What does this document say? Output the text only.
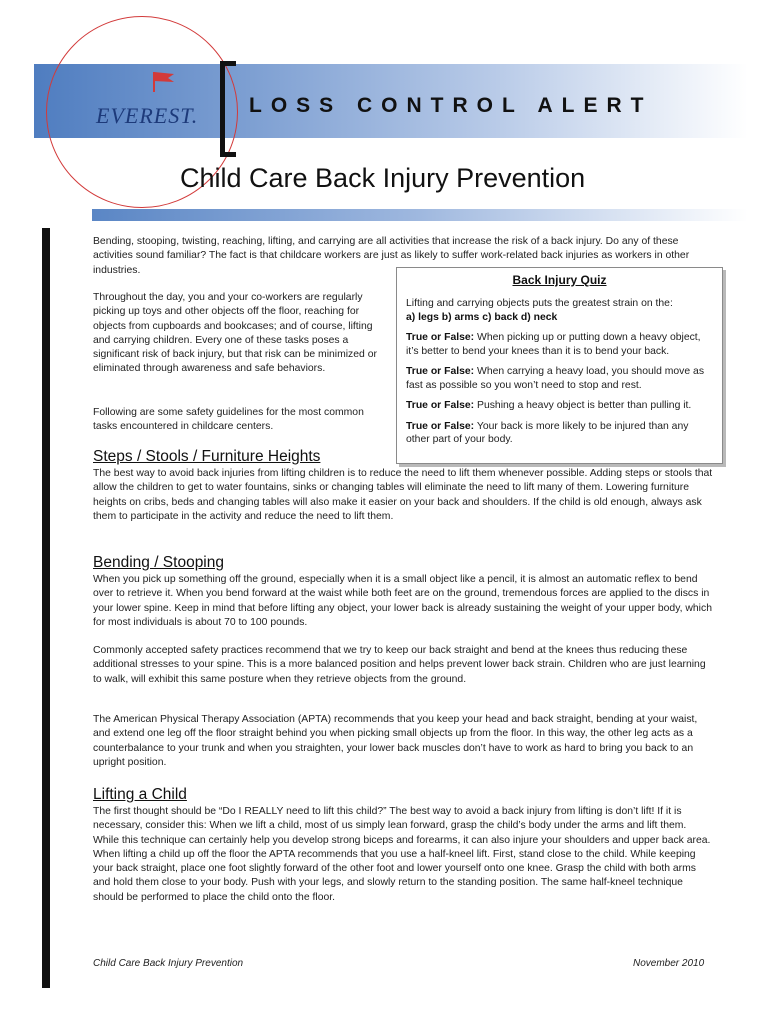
EVEREST. LOSS CONTROL ALERT
Child Care Back Injury Prevention
Bending, stooping, twisting, reaching, lifting, and carrying are all activities that increase the risk of a back injury. Do any of these activities sound familiar? The fact is that childcare workers are just as likely to suffer work-related back injuries as workers in other industries.
Throughout the day, you and your co-workers are regularly picking up toys and other objects off the floor, reaching for objects from cupboards and bookcases; and of course, lifting and carrying children. Every one of these tasks poses a significant risk of back injury, but that risk can be minimized or eliminated through awareness and safe behaviors.
Following are some safety guidelines for the most common tasks encountered in childcare centers.
Back Injury Quiz
Lifting and carrying objects puts the greatest strain on the:
a) legs b) arms c) back d) neck
True or False: When picking up or putting down a heavy object, it’s better to bend your knees than it is to bend your back.
True or False: When carrying a heavy load, you should move as fast as possible so you won’t need to stop and rest.
True or False: Pushing a heavy object is better than pulling it.
True or False: Your back is more likely to be injured than any other part of your body.
Steps / Stools / Furniture Heights
The best way to avoid back injuries from lifting children is to reduce the need to lift them whenever possible. Adding steps or stools that allow the children to get to water fountains, sinks or changing tables will eliminate the need to lift many of them. Lowering furniture heights on cribs, beds and changing tables will also make it easier on your back and shoulders. If the child is old enough, always ask them to participate in the activity and reduce the need to lift them.
Bending / Stooping
When you pick up something off the ground, especially when it is a small object like a pencil, it is almost an automatic reflex to bend over to retrieve it. When you bend forward at the waist while both feet are on the ground, tremendous forces are applied to the discs in your lower spine. Keep in mind that before lifting any object, your lower back is already sustaining the weight of your upper body, which for most individuals is about 70 to 100 pounds.
Commonly accepted safety practices recommend that we try to keep our back straight and bend at the knees thus reducing these additional stresses to your spine. This is a more balanced position and helps prevent lower back strain. Children who are just learning to walk, will exhibit this same posture when they retrieve objects from the ground.
The American Physical Therapy Association (APTA) recommends that you keep your head and back straight, bending at your waist, and extend one leg off the floor straight behind you when picking small objects up from the floor. In this way, the other leg acts as a counterbalance to your trunk and when you straighten, your lower back muscles don’t have to work as hard to bring you back to an upright position.
Lifting a Child
The first thought should be “Do I REALLY need to lift this child?” The best way to avoid a back injury from lifting is don’t lift! If it is necessary, consider this: When we lift a child, most of us simply lean forward, grasp the child’s body under the arms and lift them. While this technique can certainly help you develop strong biceps and forearms, it can also injure your shoulders and upper back area. When lifting a child up off the floor the APTA recommends that you use a half-kneel lift. First, stand close to the child. While keeping your back straight, place one foot slightly forward of the other foot and lower yourself onto one knee. Grasp the child with both arms and hold them close to your body. Push with your legs, and slowly return to the standing position. The same half-kneel technique should be performed to place the child onto the floor.
Child Care Back Injury Prevention	November 2010
